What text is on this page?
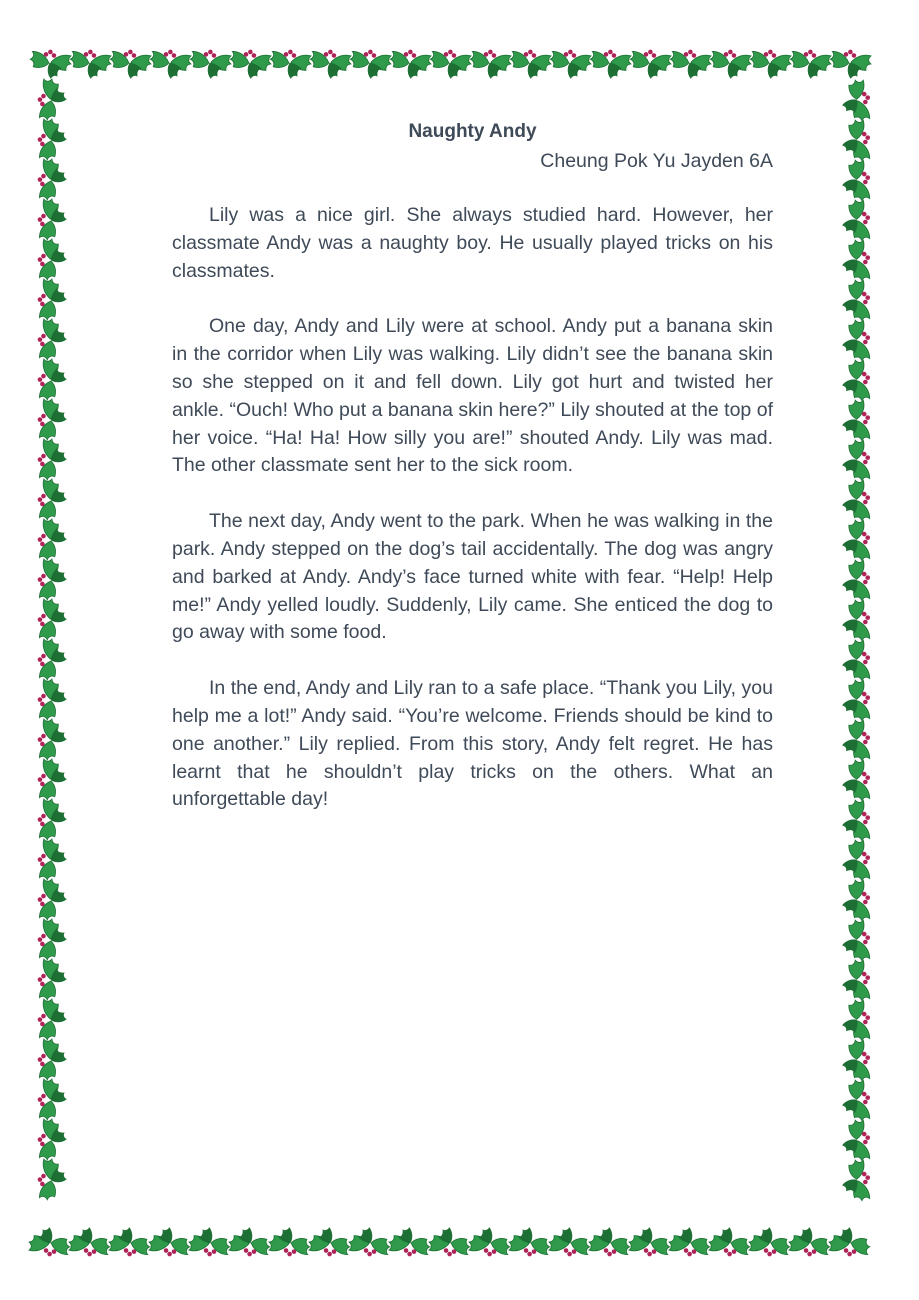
Naughty Andy

Cheung Pok Yu Jayden 6A

Lily was a nice girl. She always studied hard. However, her classmate Andy was a naughty boy. He usually played tricks on his classmates.

One day, Andy and Lily were at school. Andy put a banana skin in the corridor when Lily was walking. Lily didn’t see the banana skin so she stepped on it and fell down. Lily got hurt and twisted her ankle. “Ouch! Who put a banana skin here?” Lily shouted at the top of her voice. “Ha! Ha! How silly you are!” shouted Andy. Lily was mad. The other classmate sent her to the sick room.

The next day, Andy went to the park. When he was walking in the park. Andy stepped on the dog’s tail accidentally. The dog was angry and barked at Andy. Andy’s face turned white with fear. “Help! Help me!” Andy yelled loudly. Suddenly, Lily came. She enticed the dog to go away with some food.

In the end, Andy and Lily ran to a safe place. “Thank you Lily, you help me a lot!” Andy said. “You’re welcome. Friends should be kind to one another.” Lily replied. From this story, Andy felt regret. He has learnt that he shouldn’t play tricks on the others. What an unforgettable day!
